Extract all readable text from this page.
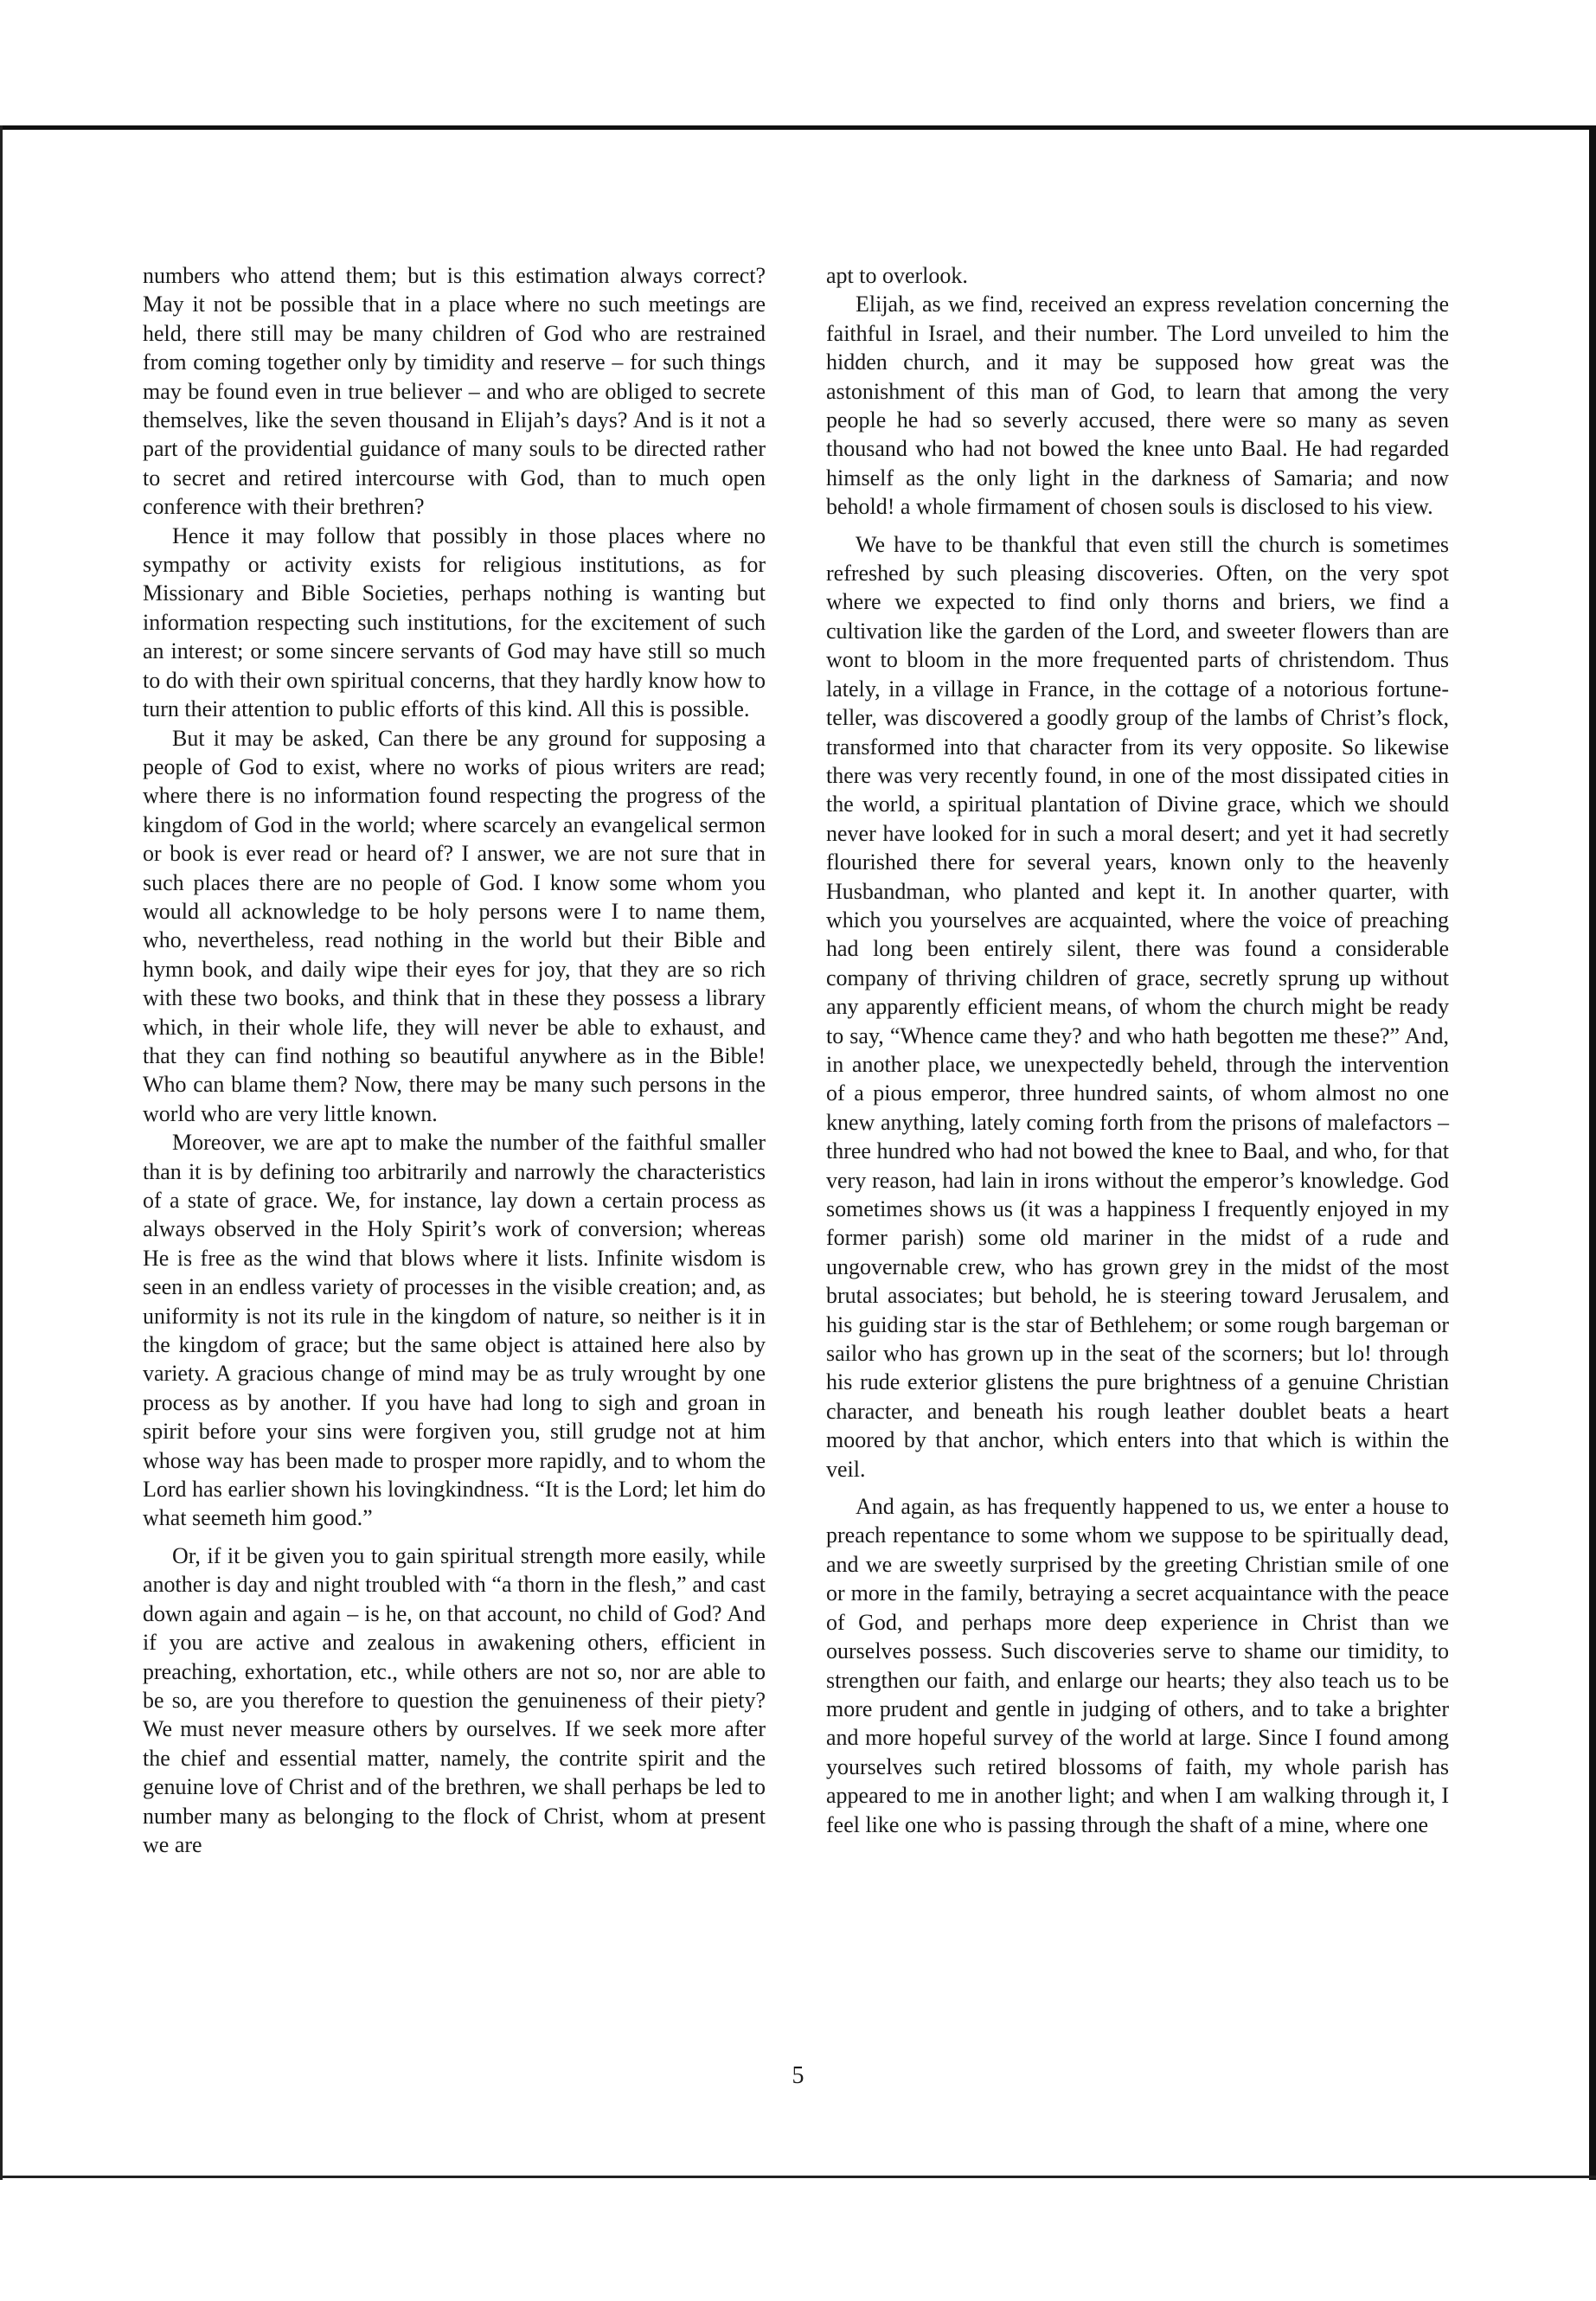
numbers who attend them; but is this estimation always correct? May it not be possible that in a place where no such meetings are held, there still may be many children of God who are restrained from coming together only by timidity and reserve – for such things may be found even in true believer – and who are obliged to secrete themselves, like the seven thousand in Elijah’s days? And is it not a part of the providential guidance of many souls to be directed rather to secret and retired intercourse with God, than to much open conference with their brethren?

Hence it may follow that possibly in those places where no sympathy or activity exists for religious institutions, as for Missionary and Bible Societies, perhaps nothing is wanting but information respecting such institutions, for the excitement of such an interest; or some sincere servants of God may have still so much to do with their own spiritual concerns, that they hardly know how to turn their attention to public efforts of this kind. All this is possible.

But it may be asked, Can there be any ground for supposing a people of God to exist, where no works of pious writers are read; where there is no information found respecting the progress of the kingdom of God in the world; where scarcely an evangelical sermon or book is ever read or heard of? I answer, we are not sure that in such places there are no people of God. I know some whom you would all acknowledge to be holy persons were I to name them, who, nevertheless, read nothing in the world but their Bible and hymn book, and daily wipe their eyes for joy, that they are so rich with these two books, and think that in these they possess a library which, in their whole life, they will never be able to exhaust, and that they can find nothing so beautiful anywhere as in the Bible! Who can blame them? Now, there may be many such persons in the world who are very little known.

Moreover, we are apt to make the number of the faithful smaller than it is by defining too arbitrarily and narrowly the characteristics of a state of grace. We, for instance, lay down a certain process as always observed in the Holy Spirit’s work of conversion; whereas He is free as the wind that blows where it lists. Infinite wisdom is seen in an endless variety of processes in the visible creation; and, as uniformity is not its rule in the kingdom of nature, so neither is it in the kingdom of grace; but the same object is attained here also by variety. A gracious change of mind may be as truly wrought by one process as by another. If you have had long to sigh and groan in spirit before your sins were forgiven you, still grudge not at him whose way has been made to prosper more rapidly, and to whom the Lord has earlier shown his lovingkindness. “It is the Lord; let him do what seemeth him good.”

Or, if it be given you to gain spiritual strength more easily, while another is day and night troubled with “a thorn in the flesh,” and cast down again and again – is he, on that account, no child of God? And if you are active and zealous in awakening others, efficient in preaching, exhortation, etc., while others are not so, nor are able to be so, are you therefore to question the genuineness of their piety? We must never measure others by ourselves. If we seek more after the chief and essential matter, namely, the contrite spirit and the genuine love of Christ and of the brethren, we shall perhaps be led to number many as belonging to the flock of Christ, whom at present we are

apt to overlook.

Elijah, as we find, received an express revelation concerning the faithful in Israel, and their number. The Lord unveiled to him the hidden church, and it may be supposed how great was the astonishment of this man of God, to learn that among the very people he had so severly accused, there were so many as seven thousand who had not bowed the knee unto Baal. He had regarded himself as the only light in the darkness of Samaria; and now behold! a whole firmament of chosen souls is disclosed to his view.

We have to be thankful that even still the church is sometimes refreshed by such pleasing discoveries. Often, on the very spot where we expected to find only thorns and briers, we find a cultivation like the garden of the Lord, and sweeter flowers than are wont to bloom in the more frequented parts of christendom. Thus lately, in a village in France, in the cottage of a notorious fortune-teller, was discovered a goodly group of the lambs of Christ’s flock, transformed into that character from its very opposite. So likewise there was very recently found, in one of the most dissipated cities in the world, a spiritual plantation of Divine grace, which we should never have looked for in such a moral desert; and yet it had secretly flourished there for several years, known only to the heavenly Husbandman, who planted and kept it. In another quarter, with which you yourselves are acquainted, where the voice of preaching had long been entirely silent, there was found a considerable company of thriving children of grace, secretly sprung up without any apparently efficient means, of whom the church might be ready to say, “Whence came they? and who hath begotten me these?” And, in another place, we unexpectedly beheld, through the intervention of a pious emperor, three hundred saints, of whom almost no one knew anything, lately coming forth from the prisons of malefactors – three hundred who had not bowed the knee to Baal, and who, for that very reason, had lain in irons without the emperor’s knowledge. God sometimes shows us (it was a happiness I frequently enjoyed in my former parish) some old mariner in the midst of a rude and ungovernable crew, who has grown grey in the midst of the most brutal associates; but behold, he is steering toward Jerusalem, and his guiding star is the star of Bethlehem; or some rough bargeman or sailor who has grown up in the seat of the scorners; but lo! through his rude exterior glistens the pure brightness of a genuine Christian character, and beneath his rough leather doublet beats a heart moored by that anchor, which enters into that which is within the veil.

And again, as has frequently happened to us, we enter a house to preach repentance to some whom we suppose to be spiritually dead, and we are sweetly surprised by the greeting Christian smile of one or more in the family, betraying a secret acquaintance with the peace of God, and perhaps more deep experience in Christ than we ourselves possess. Such discoveries serve to shame our timidity, to strengthen our faith, and enlarge our hearts; they also teach us to be more prudent and gentle in judging of others, and to take a brighter and more hopeful survey of the world at large. Since I found among yourselves such retired blossoms of faith, my whole parish has appeared to me in another light; and when I am walking through it, I feel like one who is passing through the shaft of a mine, where one

5
